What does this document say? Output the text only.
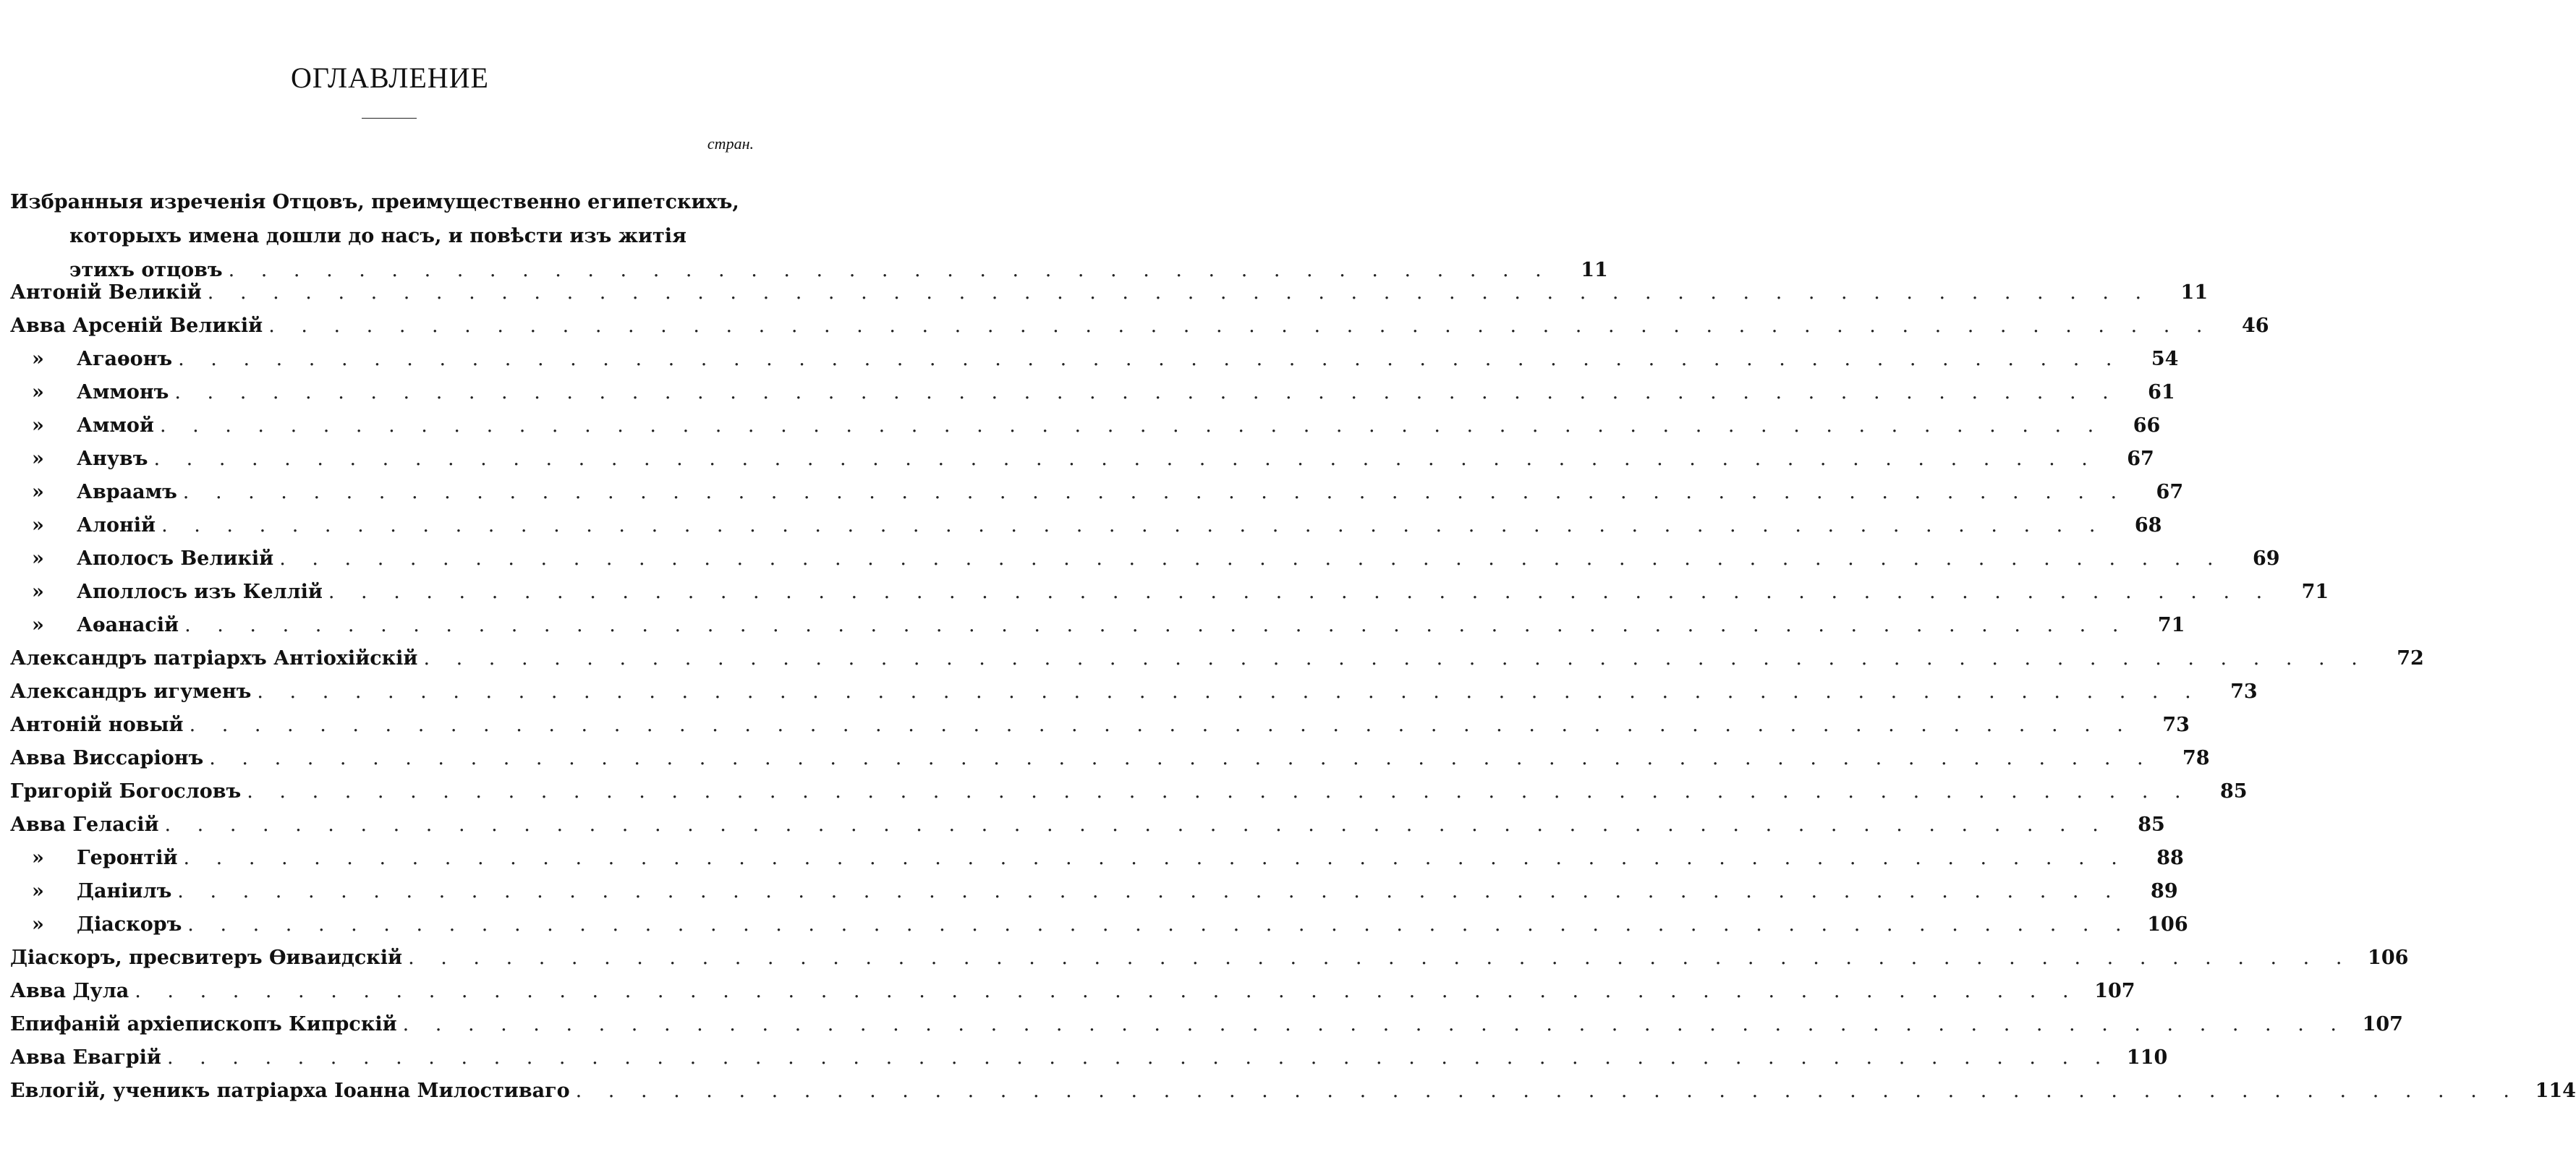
ОГЛАВЛЕНИЕ
стран.
Избранныя изреченія Отцовъ, преимущественно египетскихъ,
которыхъ имена дошли до насъ, и повѣсти изъ житія
этихъ отцовъ . . . . . . . . . . . . . . . . . . . . . . . . . . . . . . . . . . . . . . . . .	11
Антоній Великій . . . . . . . . . . . . . . . . . . . . . . . . . . . . . . . . . . . . . . . . . . . . . . . . . . . . . . . . . . . .	11
Авва Арсеній Великій . . . . . . . . . . . . . . . . . . . . . . . . . . . . . . . . . . . . . . . . . . . . . . . . . . . . . . . . . . . .	46
»	Агаѳонъ . . . . . . . . . . . . . . . . . . . . . . . . . . . . . . . . . . . . . . . . . . . . . . . . . . . . . . . . . . . .	54
»	Аммонъ . . . . . . . . . . . . . . . . . . . . . . . . . . . . . . . . . . . . . . . . . . . . . . . . . . . . . . . . . . . .	61
»	Аммой . . . . . . . . . . . . . . . . . . . . . . . . . . . . . . . . . . . . . . . . . . . . . . . . . . . . . . . . . . . .	66
»	Анувъ . . . . . . . . . . . . . . . . . . . . . . . . . . . . . . . . . . . . . . . . . . . . . . . . . . . . . . . . . . . .	67
»	Авраамъ . . . . . . . . . . . . . . . . . . . . . . . . . . . . . . . . . . . . . . . . . . . . . . . . . . . . . . . . . . . .	67
»	Алоній . . . . . . . . . . . . . . . . . . . . . . . . . . . . . . . . . . . . . . . . . . . . . . . . . . . . . . . . . . . .	68
»	Аполосъ Великій . . . . . . . . . . . . . . . . . . . . . . . . . . . . . . . . . . . . . . . . . . . . . . . . . . . . . . . . . . . .	69
»	Аполлосъ изъ Келлій . . . . . . . . . . . . . . . . . . . . . . . . . . . . . . . . . . . . . . . . . . . . . . . . . . . . . . . . . . . .	71
»	Аѳанасій . . . . . . . . . . . . . . . . . . . . . . . . . . . . . . . . . . . . . . . . . . . . . . . . . . . . . . . . . . . .	71
Александръ патріархъ Антіохійскій . . . . . . . . . . . . . . . . . . . . . . . . . . . . . . . . . . . . . . . . . . . . . . . . . . . . . . . . . . . .	72
Александръ игуменъ . . . . . . . . . . . . . . . . . . . . . . . . . . . . . . . . . . . . . . . . . . . . . . . . . . . . . . . . . . . .	73
Антоній новый . . . . . . . . . . . . . . . . . . . . . . . . . . . . . . . . . . . . . . . . . . . . . . . . . . . . . . . . . . . .	73
Авва Виссаріонъ . . . . . . . . . . . . . . . . . . . . . . . . . . . . . . . . . . . . . . . . . . . . . . . . . . . . . . . . . . . .	78
Григорій Богословъ . . . . . . . . . . . . . . . . . . . . . . . . . . . . . . . . . . . . . . . . . . . . . . . . . . . . . . . . . . . .	85
Авва Геласій . . . . . . . . . . . . . . . . . . . . . . . . . . . . . . . . . . . . . . . . . . . . . . . . . . . . . . . . . . . .	85
»	Геронтій . . . . . . . . . . . . . . . . . . . . . . . . . . . . . . . . . . . . . . . . . . . . . . . . . . . . . . . . . . . .	88
»	Даніилъ . . . . . . . . . . . . . . . . . . . . . . . . . . . . . . . . . . . . . . . . . . . . . . . . . . . . . . . . . . . .	89
»	Діаскоръ . . . . . . . . . . . . . . . . . . . . . . . . . . . . . . . . . . . . . . . . . . . . . . . . . . . . . . . . . . . . 106
Діаскоръ, пресвитеръ Ѳиваидскій . . . . . . . . . . . . . . . . . . . . . . . . . . . . . . . . . . . . . . . . . . . . . . . . . . . . . . . . . . . . 106
Авва Дула . . . . . . . . . . . . . . . . . . . . . . . . . . . . . . . . . . . . . . . . . . . . . . . . . . . . . . . . . . . . 107
Епифаній архіепископъ Кипрскій . . . . . . . . . . . . . . . . . . . . . . . . . . . . . . . . . . . . . . . . . . . . . . . . . . . . . . . . . . . . 107
Авва Евагрій . . . . . . . . . . . . . . . . . . . . . . . . . . . . . . . . . . . . . . . . . . . . . . . . . . . . . . . . . . . . 110
Евлогій, ученикъ патріарха Іоанна Милостиваго . . . . . . . . . . . . . . . . . . . . . . . . . . . . . . . . . . . . . . . . . . . . . . . . . . . . . . . . . . . . 114
